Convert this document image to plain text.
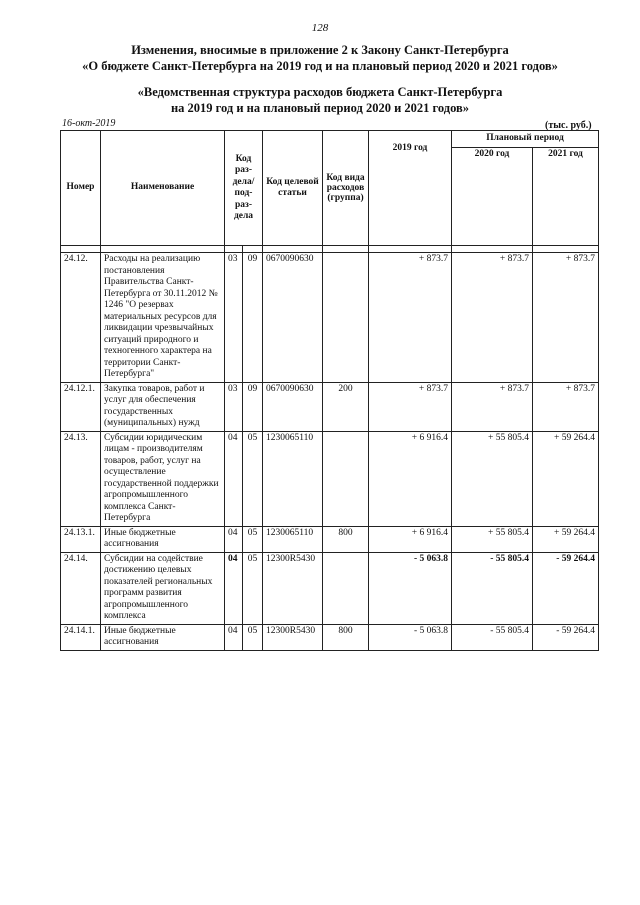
128
Изменения, вносимые в приложение 2 к Закону Санкт-Петербурга
«О бюджете Санкт-Петербурга на 2019 год и на плановый период 2020 и 2021 годов»
«Ведомственная структура расходов бюджета Санкт-Петербурга
на 2019 год и на плановый период 2020 и 2021 годов»
16-окт-2019	(тыс. руб.)
Номер	Наименование	Код раз- дела/ под- раз- дела		Код целевой статьи	Код вида расходов (группа)	2019 год	Плановый период	
							2020 год	2021 год

24.12.	Расходы на реализацию постановления Правительства Санкт-Петербурга от 30.11.2012 № 1246 "О резервах материальных ресурсов для ликвидации чрезвычайных ситуаций природного и техногенного характера на территории Санкт-Петербурга"	03	09	0670090630		+ 873.7	+ 873.7	+ 873.7
24.12.1.	Закупка товаров, работ и услуг для обеспечения государственных (муниципальных) нужд	03	09	0670090630	200	+ 873.7	+ 873.7	+ 873.7
24.13.	Субсидии юридическим лицам - производителям товаров, работ, услуг на осуществление государственной поддержки агропромышленного комплекса Санкт-Петербурга	04	05	1230065110		+ 6 916.4	+ 55 805.4	+ 59 264.4
24.13.1.	Иные бюджетные ассигнования	04	05	1230065110	800	+ 6 916.4	+ 55 805.4	+ 59 264.4
24.14.	Субсидии на содействие достижению целевых показателей региональных программ развития агропромышленного комплекса	04	05	12300R5430		- 5 063.8	- 55 805.4	- 59 264.4
24.14.1.	Иные бюджетные ассигнования	04	05	12300R5430	800	- 5 063.8	- 55 805.4	- 59 264.4
